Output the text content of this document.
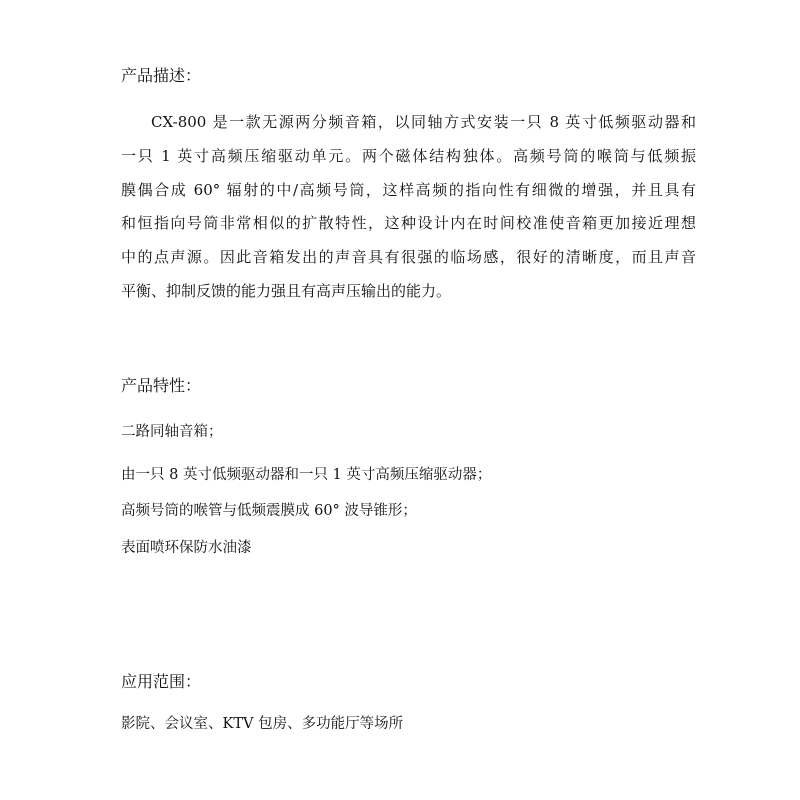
产品描述：
CX-800 是一款无源两分频音箱，以同轴方式安装一只 8 英寸低频驱动器和
一只 1 英寸高频压缩驱动单元。两个磁体结构独体。高频号筒的喉筒与低频振
膜偶合成 60° 辐射的中/高频号筒，这样高频的指向性有细微的增强，并且具有
和恒指向号筒非常相似的扩散特性，这种设计内在时间校准使音箱更加接近理想
中的点声源。因此音箱发出的声音具有很强的临场感，很好的清晰度，而且声音
平衡、抑制反馈的能力强且有高声压输出的能力。
产品特性：
二路同轴音箱；
由一只 8 英寸低频驱动器和一只 1 英寸高频压缩驱动器；
高频号筒的喉管与低频震膜成 60° 波导锥形；
表面喷环保防水油漆
应用范围：
影院、会议室、KTV 包房、多功能厅等场所
